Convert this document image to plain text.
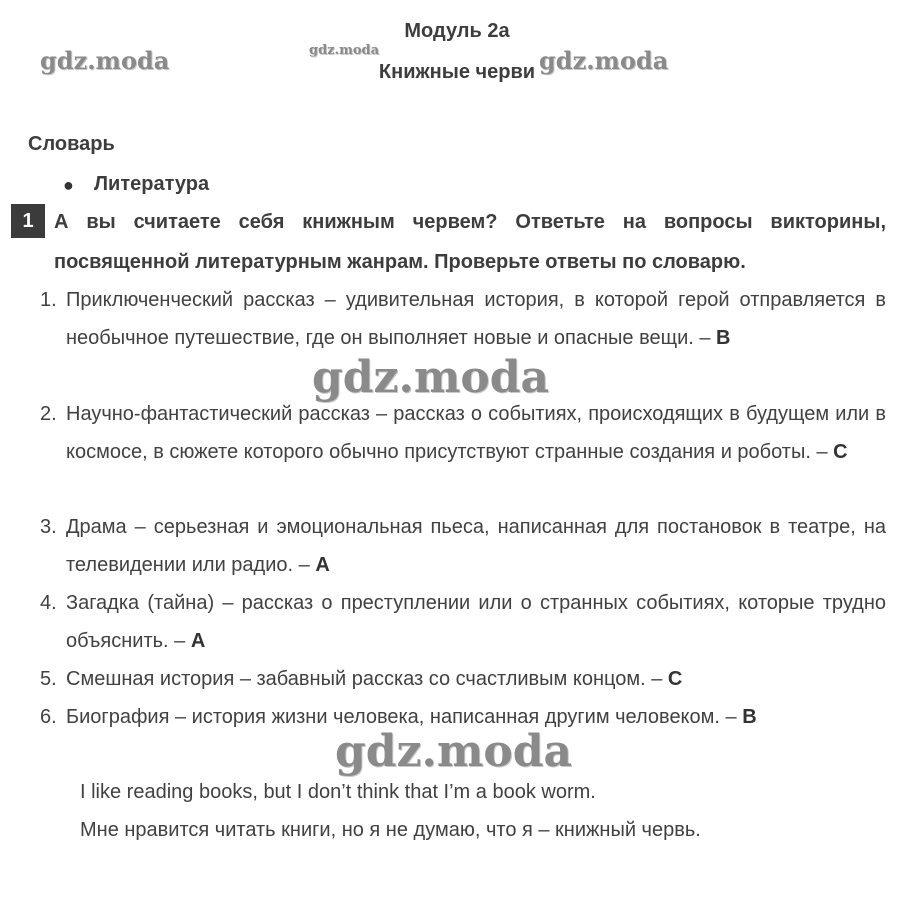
Модуль 2а
Книжные черви
gdz.moda	gdz.moda	gdz.moda
Словарь
● Литература
1	А вы считаете себя книжным червем? Ответьте на вопросы викторины,
посвященной литературным жанрам. Проверьте ответы по словарю.
1. Приключенческий рассказ – удивительная история, в которой герой отправляется в необычное путешествие, где он выполняет новые и опасные вещи. – B
2. Научно-фантастический рассказ – рассказ о событиях, происходящих в будущем или в космосе, в сюжете которого обычно присутствуют странные создания и роботы. – C
3. Драма – серьезная и эмоциональная пьеса, написанная для постановок в театре, на телевидении или радио. – A
4. Загадка (тайна) – рассказ о преступлении или о странных событиях, которые трудно объяснить. – A
5. Смешная история – забавный рассказ со счастливым концом. – C
6. Биография – история жизни человека, написанная другим человеком. – B
gdz.moda
gdz.moda
I like reading books, but I don’t think that I’m a book worm.
Мне нравится читать книги, но я не думаю, что я – книжный червь.
